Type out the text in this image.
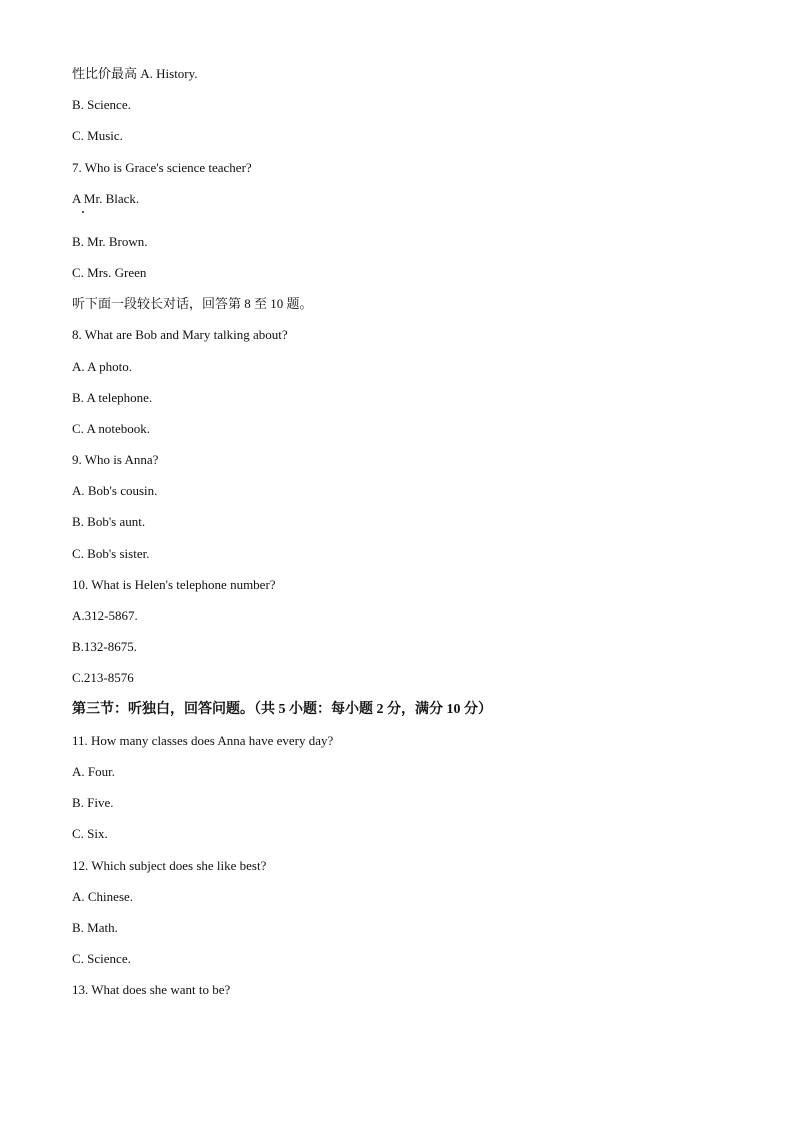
性比价最高 A. History.
B. Science.
C. Music.
7. Who is Grace's science teacher?
A Mr. Black.
B. Mr. Brown.
C. Mrs. Green
听下面一段较长对话，回答第 8 至 10 题。
8. What are Bob and Mary talking about?
A. A photo.
B. A telephone.
C. A notebook.
9. Who is Anna?
A. Bob's cousin.
B. Bob's aunt.
C. Bob's sister.
10. What is Helen's telephone number?
A.312-5867.
B.132-8675.
C.213-8576
第三节：听独白，回答问题。（共 5 小题：每小题 2 分，满分 10 分）
11. How many classes does Anna have every day?
A. Four.
B. Five.
C. Six.
12. Which subject does she like best?
A. Chinese.
B. Math.
C. Science.
13. What does she want to be?
